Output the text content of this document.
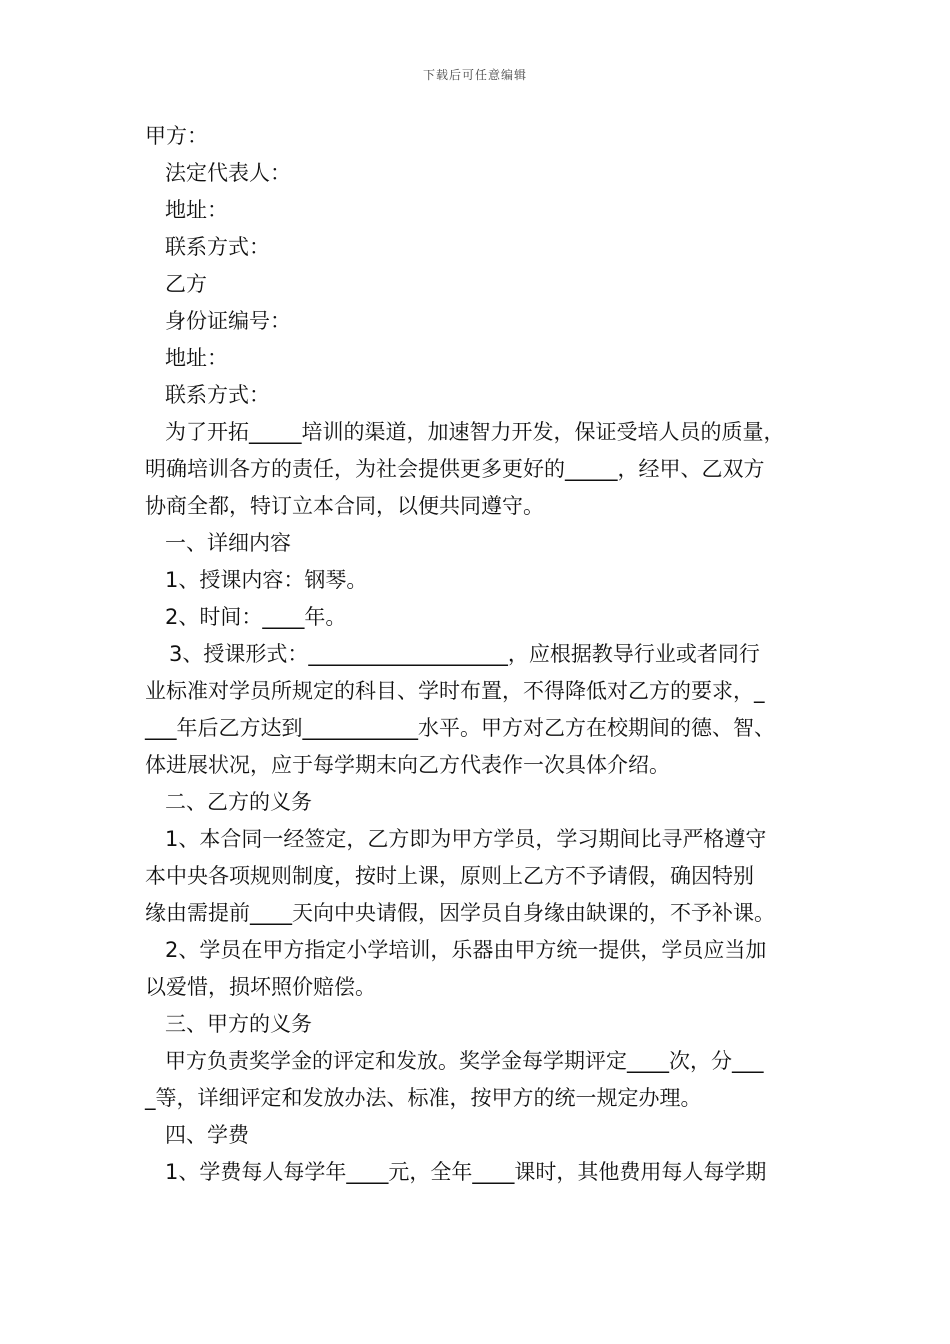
下载后可任意编辑
甲方：
法定代表人：
地址：
联系方式：
乙方
身份证编号：
地址：
联系方式：
为了开拓_____培训的渠道，加速智力开发，保证受培人员的质量，
明确培训各方的责任，为社会提供更多更好的_____，经甲、乙双方
协商全都，特订立本合同，以便共同遵守。
一、详细内容
1、授课内容：钢琴。
2、时间：____年。
3、授课形式：___________________，应根据教导行业或者同行
业标准对学员所规定的科目、学时布置，不得降低对乙方的要求，_
___年后乙方达到___________水平。甲方对乙方在校期间的德、智、
体进展状况，应于每学期末向乙方代表作一次具体介绍。
二、乙方的义务
1、本合同一经签定，乙方即为甲方学员，学习期间比寻严格遵守
本中央各项规则制度，按时上课，原则上乙方不予请假，确因特别
缘由需提前____天向中央请假，因学员自身缘由缺课的，不予补课。
2、学员在甲方指定小学培训，乐器由甲方统一提供，学员应当加
以爱惜，损坏照价赔偿。
三、甲方的义务
甲方负责奖学金的评定和发放。奖学金每学期评定____次，分___
_等，详细评定和发放办法、标准，按甲方的统一规定办理。
四、学费
1、学费每人每学年____元，全年____课时，其他费用每人每学期
